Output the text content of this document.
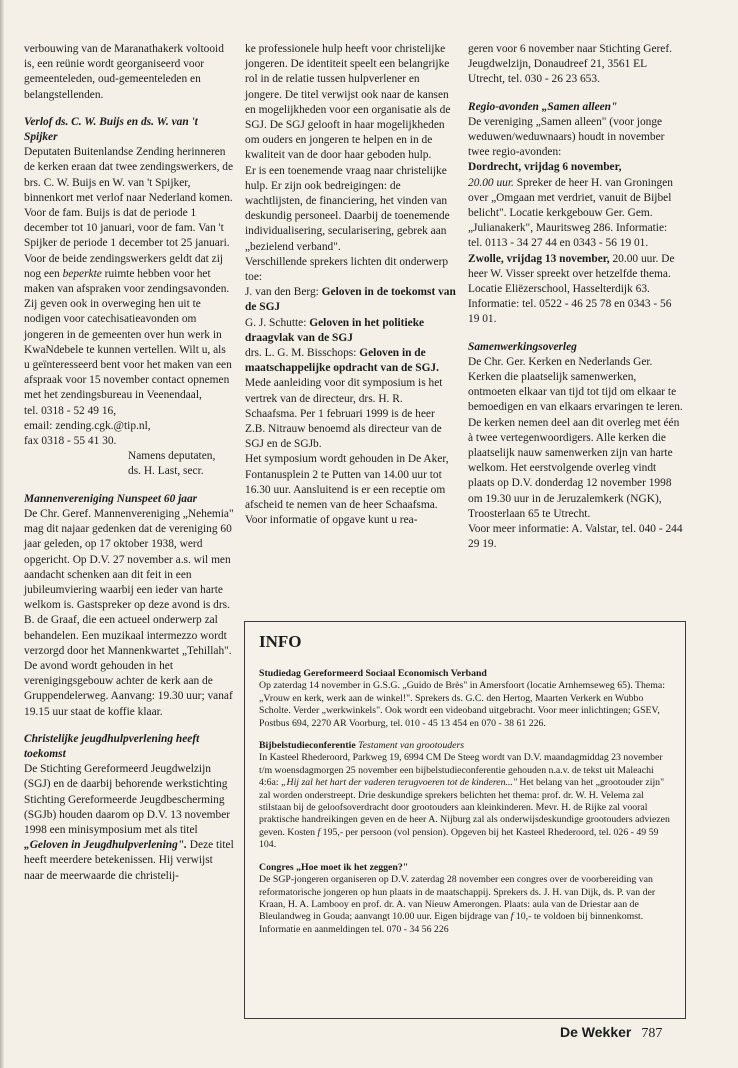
verbouwing van de Maranathakerk voltooid is, een reünie wordt georganiseerd voor gemeenteleden, oud-gemeenteleden en belangstellenden.

Verlof ds. C. W. Buijs en ds. W. van 't Spijker

Deputaten Buitenlandse Zending herinneren de kerken eraan dat twee zendingswerkers, de brs. C. W. Buijs en W. van 't Spijker, binnenkort met verlof naar Nederland komen. Voor de fam. Buijs is dat de periode 1 december tot 10 januari, voor de fam. Van 't Spijker de periode 1 december tot 25 januari. Voor de beide zendingswerkers geldt dat zij nog een beperkte ruimte hebben voor het maken van afspraken voor zendingsavonden. Zij geven ook in overweging hen uit te nodigen voor catechisatieavonden om jongeren in de gemeenten over hun werk in KwaNdebele te kunnen vertellen. Wilt u, als u geïnteresseerd bent voor het maken van een afspraak voor 15 november contact opnemen met het zendingsbureau in Veenendaal,

tel. 0318 - 52 49 16,

email: zending.cgk.@tip.nl,

fax 0318 - 55 41 30.

Namens deputaten,

ds. H. Last, secr.

Mannenvereniging Nunspeet 60 jaar

De Chr. Geref. Mannenvereniging „Nehemia" mag dit najaar gedenken dat de vereniging 60 jaar geleden, op 17 oktober 1938, werd opgericht. Op D.V. 27 november a.s. wil men aandacht schenken aan dit feit in een jubileumviering waarbij een ieder van harte welkom is. Gastspreker op deze avond is drs. B. de Graaf, die een actueel onderwerp zal behandelen. Een muzikaal intermezzo wordt verzorgd door het Mannenkwartet „Tehillah".

De avond wordt gehouden in het verenigingsgebouw achter de kerk aan de Gruppendelerweg. Aanvang: 19.30 uur; vanaf 19.15 uur staat de koffie klaar.

Christelijke jeugdhulpverlening heeft toekomst

De Stichting Gereformeerd Jeugdwelzijn (SGJ) en de daarbij behorende werkstichting Stichting Gereformeerde Jeugdbescherming (SGJb) houden daarom op D.V. 13 november 1998 een minisymposium met als titel „Geloven in Jeugdhulpverlening". Deze titel heeft meerdere betekenissen. Hij verwijst naar de meerwaarde die christelij-

ke professionele hulp heeft voor christelijke jongeren. De identiteit speelt een belangrijke rol in de relatie tussen hulpverlener en jongere. De titel verwijst ook naar de kansen en mogelijkheden voor een organisatie als de SGJ. De SGJ gelooft in haar mogelijkheden om ouders en jongeren te helpen en in de kwaliteit van de door haar geboden hulp.

Er is een toenemende vraag naar christelijke hulp. Er zijn ook bedreigingen: de wachtlijsten, de financiering, het vinden van deskundig personeel. Daarbij de toenemende individualisering, secularisering, gebrek aan „bezielend verband".

Verschillende sprekers lichten dit onderwerp toe:

J. van den Berg: Geloven in de toekomst van de SGJ

G. J. Schutte: Geloven in het politieke draagvlak van de SGJ

drs. L. G. M. Bisschops: Geloven in de maatschappelijke opdracht van de SGJ.

Mede aanleiding voor dit symposium is het vertrek van de directeur, drs. H. R. Schaafsma. Per 1 februari 1999 is de heer Z.B. Nitrauw benoemd als directeur van de SGJ en de SGJb.

Het symposium wordt gehouden in De Aker, Fontanusplein 2 te Putten van 14.00 uur tot 16.30 uur. Aansluitend is er een receptie om afscheid te nemen van de heer Schaafsma.

Voor informatie of opgave kunt u rea-

geren voor 6 november naar Stichting Geref. Jeugdwelzijn, Donaudreef 21, 3561 EL Utrecht, tel. 030 - 26 23 653.

Regio-avonden „Samen alleen"

De vereniging „Samen alleen" (voor jonge weduwen/weduwnaars) houdt in november twee regio-avonden:

Dordrecht, vrijdag 6 november,
20.00 uur. Spreker de heer H. van Groningen over „Omgaan met verdriet, vanuit de Bijbel belicht". Locatie kerkgebouw Ger. Gem. „Julianakerk", Mauritsweg 286. Informatie: tel. 0113 - 34 27 44 en 0343 - 56 19 01.

Zwolle, vrijdag 13 november, 20.00 uur. De heer W. Visser spreekt over hetzelfde thema. Locatie Eliëzerschool, Hasselterdijk 63. Informatie: tel. 0522 - 46 25 78 en 0343 - 56 19 01.

Samenwerkingsoverleg

De Chr. Ger. Kerken en Nederlands Ger. Kerken die plaatselijk samenwerken, ontmoeten elkaar van tijd tot tijd om elkaar te bemoedigen en van elkaars ervaringen te leren.

De kerken nemen deel aan dit overleg met één à twee vertegenwoordigers. Alle kerken die plaatselijk nauw samenwerken zijn van harte welkom. Het eerstvolgende overleg vindt plaats op D.V. donderdag 12 november 1998 om 19.30 uur in de Jeruzalemkerk (NGK), Troosterlaan 65 te Utrecht.

Voor meer informatie: A. Valstar, tel. 040 - 244 29 19.

INFO

Studiedag Gereformeerd Sociaal Economisch Verband

Op zaterdag 14 november in G.S.G. „Guido de Brès" in Amersfoort (locatie Arnhemseweg 65). Thema: „Vrouw en kerk, werk aan de winkel!". Sprekers ds. G.C. den Hertog, Maarten Verkerk en Wubbo Scholte. Verder „werkwinkels". Ook wordt een videoband uitgebracht. Voor meer inlichtingen; GSEV, Postbus 694, 2270 AR Voorburg, tel. 010 - 45 13 454 en 070 - 38 61 226.

Bijbelstudieconferentie Testament van grootouders

In Kasteel Rhederoord, Parkweg 19, 6994 CM De Steeg wordt van D.V. maandagmiddag 23 november t/m woensdagmorgen 25 november een bijbelstudieconferentie gehouden n.a.v. de tekst uit Maleachi 4:6a: „Hij zal het hart der vaderen terugvoeren tot de kinderen..." Het belang van het „grootouder zijn" zal worden onderstreept. Drie deskundige sprekers belichten het thema: prof. dr. W. H. Velema zal stilstaan bij de geloofsoverdracht door grootouders aan kleinkinderen. Mevr. H. de Rijke zal vooral praktische handreikingen geven en de heer A. Nijburg zal als onderwijsdeskundige grootouders adviezen geven. Kosten f 195,- per persoon (vol pension). Opgeven bij het Kasteel Rhederoord, tel. 026 - 49 59 104.

Congres „Hoe moet ik het zeggen?"

De SGP-jongeren organiseren op D.V. zaterdag 28 november een congres over de voorbereiding van reformatorische jongeren op hun plaats in de maatschappij. Sprekers ds. J. H. van Dijk, ds. P. van der Kraan, H. A. Lambooy en prof. dr. A. van Nieuw Amerongen. Plaats: aula van de Driestar aan de Bleulandweg in Gouda; aanvangt 10.00 uur. Eigen bijdrage van f 10,- te voldoen bij binnenkomst. Informatie en aanmeldingen tel. 070 - 34 56 226

De Wekker 787
